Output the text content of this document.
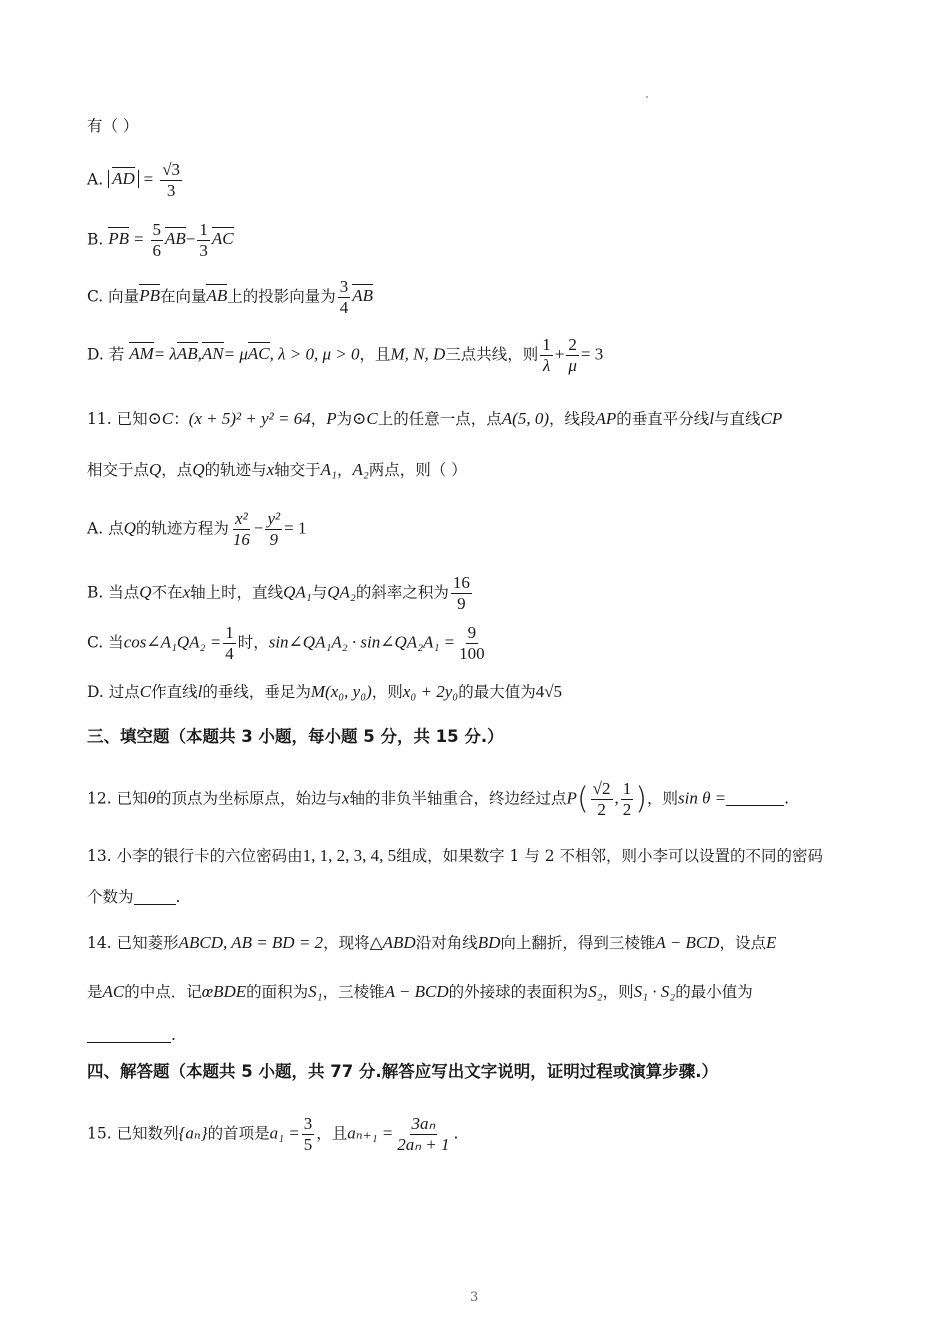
有（ ）
A. AD = $\frac{√3}{3}$
B. PB = $\frac{5}{6} AB- \frac{1}{3}$ AC
C. 向量PB在向量AB上的投影向量为 $\frac{3}{4}$ AB
D. 若 AM= λAB,AN= μAC, λ > 0, μ > 0，且M, N, D三点共线，则 $\frac{1}{\lambda} + \frac{2}{\mu} = 3$
11. 已知⊙C：(x + 5)² + y² = 64，P为⊙C上的任意一点，点A(5, 0)，线段AP的垂直平分线l与直线CP
相交于点Q，点Q的轨迹与x轴交于A₁，A₂两点，则（ ）
A. 点Q的轨迹方程为 $\frac{\text{x²}}{16} - \frac{\text{y²}}{9} = 1$
B. 当点Q不在x轴上时，直线QA₁与QA₂的斜率之积为 $\frac{16}{9}$
C. 当cos∠A₁QA₂ = $\frac{1}{4}$ 时，sin∠QA₁A₂ · sin∠QA₂A₁ = $\frac{9}{100}$
D. 过点C作直线l的垂线，垂足为M(x₀, y₀)，则x₀ + 2y₀的最大值为4√5
三、填空题（本题共 3 小题，每小题 5 分，共 15 分.）
12. 已知θ的顶点为坐标原点，始边与x轴的非负半轴重合，终边经过点$P( \frac{√2}{2}$ , $\frac{1}{2}$ )，则sin θ =	.
13. 小李的银行卡的六位密码由1, 1, 2, 3, 4, 5组成，如果数字 1 与 2 不相邻，则小李可以设置的不同的密码
个数为	.
14. 已知菱形ABCD, AB = BD = 2，现将△ABD沿对角线BD向上翻折，得到三棱锥A − BCD，设点E
是AC的中点．记œBDE的面积为S₁，三棱锥A − BCD的外接球的表面积为S₂，则S₁ · S₂的最小值为
.
四、解答题（本题共 5 小题，共 77 分.解答应写出文字说明，证明过程或演算步骤.）
15. 已知数列{aₙ}的首项是$a_1 = \frac{3}{5}$ ，且$a_{n+1} = \frac{\text{3aₙ}}{\text{2aₙ + 1}}$ .
3
